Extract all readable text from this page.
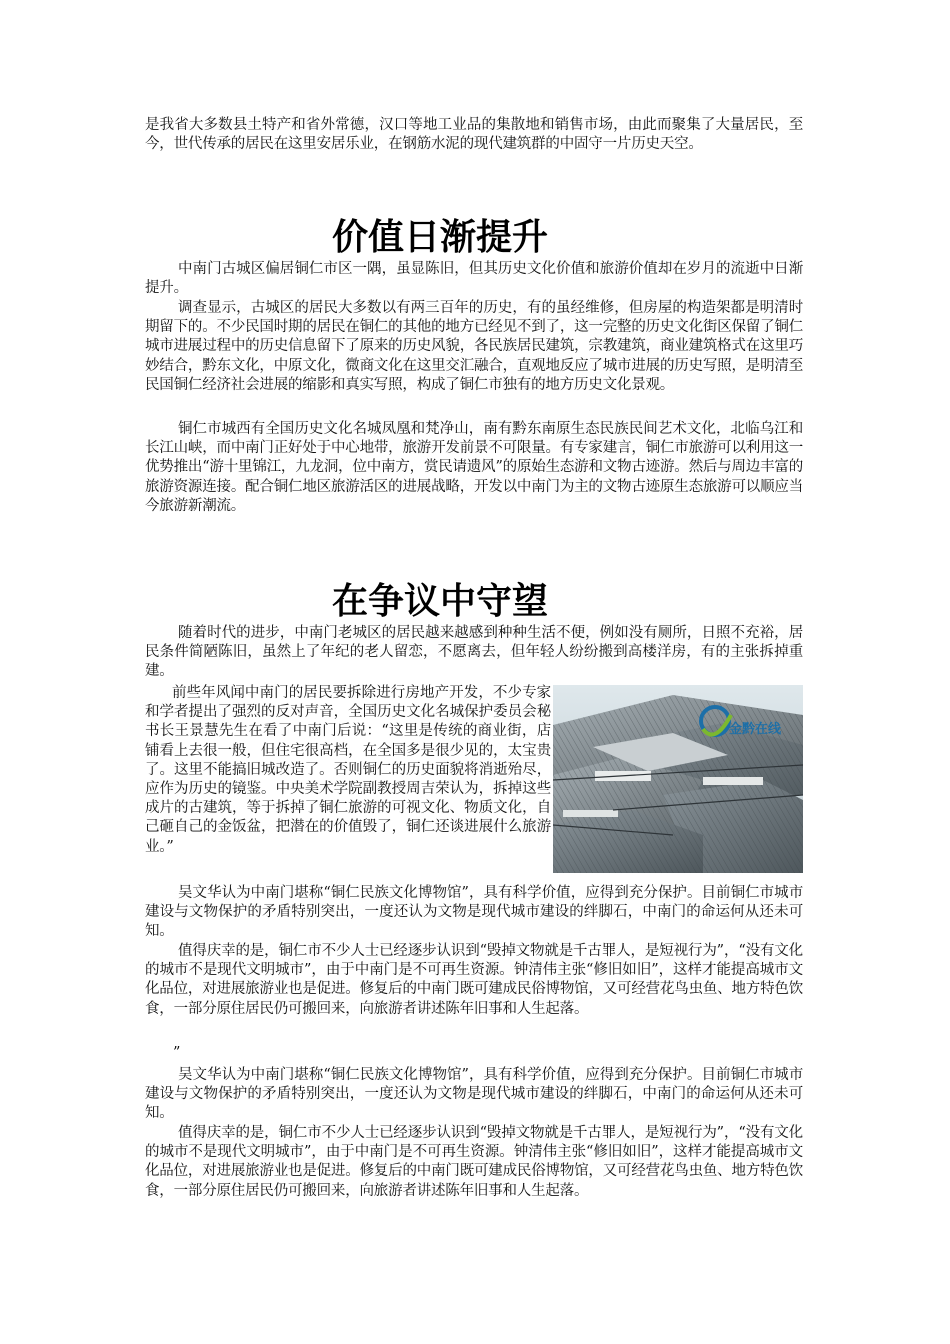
是我省大多数县土特产和省外常德，汉口等地工业品的集散地和销售市场，由此而聚集了大量居民，至今，世代传承的居民在这里安居乐业，在钢筋水泥的现代建筑群的中固守一片历史天空。

价值日渐提升

中南门古城区偏居铜仁市区一隅，虽显陈旧，但其历史文化价值和旅游价值却在岁月的流逝中日渐提升。

调查显示，古城区的居民大多数以有两三百年的历史，有的虽经维修，但房屋的构造架都是明清时期留下的。不少民国时期的居民在铜仁的其他的地方已经见不到了，这一完整的历史文化街区保留了铜仁城市进展过程中的历史信息留下了原来的历史风貌，各民族居民建筑，宗教建筑，商业建筑格式在这里巧妙结合，黔东文化，中原文化，微商文化在这里交汇融合，直观地反应了城市进展的历史写照，是明清至民国铜仁经济社会进展的缩影和真实写照，构成了铜仁市独有的地方历史文化景观。

铜仁市城西有全国历史文化名城凤凰和梵净山，南有黔东南原生态民族民间艺术文化，北临乌江和长江山峡，而中南门正好处于中心地带，旅游开发前景不可限量。有专家建言，铜仁市旅游可以利用这一优势推出“游十里锦江，九龙洞，位中南方，赏民请遗风”的原始生态游和文物古迹游。然后与周边丰富的旅游资源连接。配合铜仁地区旅游活区的进展战略，开发以中南门为主的文物古迹原生态旅游可以顺应当今旅游新潮流。

在争议中守望

随着时代的进步，中南门老城区的居民越来越感到种种生活不便，例如没有厕所，日照不充裕，居民条件简陋陈旧，虽然上了年纪的老人留恋，不愿离去，但年轻人纷纷搬到高楼洋房，有的主张拆掉重建。

前些年风闻中南门的居民要拆除进行房地产开发，不少专家和学者提出了强烈的反对声音，全国历史文化名城保护委员会秘书长王景慧先生在看了中南门后说：“这里是传统的商业街，店铺看上去很一般，但住宅很高档，在全国多是很少见的，太宝贵了。这里不能搞旧城改造了。否则铜仁的历史面貌将消逝殆尽，应作为历史的镜鉴。中央美术学院副教授周吉荣认为，拆掉这些成片的古建筑，等于拆掉了铜仁旅游的可视文化、物质文化，自己砸自己的金饭盆，把潜在的价值毁了，铜仁还谈进展什么旅游业。”

金黔在线

吴文华认为中南门堪称“铜仁民族文化博物馆”，具有科学价值，应得到充分保护。目前铜仁市城市建设与文物保护的矛盾特别突出，一度还认为文物是现代城市建设的绊脚石，中南门的命运何从还未可知。

值得庆幸的是，铜仁市不少人士已经逐步认识到“毁掉文物就是千古罪人，是短视行为”，“没有文化的城市不是现代文明城市”，由于中南门是不可再生资源。钟清伟主张“修旧如旧”，这样才能提高城市文化品位，对进展旅游业也是促进。修复后的中南门既可建成民俗博物馆，又可经营花鸟虫鱼、地方特色饮食，一部分原住居民仍可搬回来，向旅游者讲述陈年旧事和人生起落。

”

吴文华认为中南门堪称“铜仁民族文化博物馆”，具有科学价值，应得到充分保护。目前铜仁市城市建设与文物保护的矛盾特别突出，一度还认为文物是现代城市建设的绊脚石，中南门的命运何从还未可知。

值得庆幸的是，铜仁市不少人士已经逐步认识到“毁掉文物就是千古罪人，是短视行为”，“没有文化的城市不是现代文明城市”，由于中南门是不可再生资源。钟清伟主张“修旧如旧”，这样才能提高城市文化品位，对进展旅游业也是促进。修复后的中南门既可建成民俗博物馆，又可经营花鸟虫鱼、地方特色饮食，一部分原住居民仍可搬回来，向旅游者讲述陈年旧事和人生起落。
